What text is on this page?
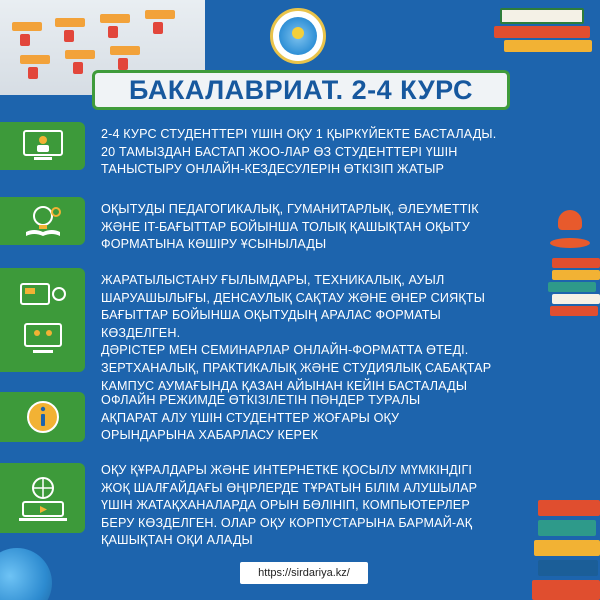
БАКАЛАВРИАТ. 2-4 КУРС
2-4 КУРС СТУДЕНТТЕРІ ҮШІН ОҚУ 1 ҚЫРКҮЙЕКТЕ БАСТАЛАДЫ.
20 ТАМЫЗДАН БАСТАП ЖОО-ЛАР ӨЗ СТУДЕНТТЕРІ ҮШІН
ТАНЫСТЫРУ ОНЛАЙН-КЕЗДЕСУЛЕРІН ӨТКІЗІП ЖАТЫР
ОҚЫТУДЫ ПЕДАГОГИКАЛЫҚ, ГУМАНИТАРЛЫҚ, ӘЛЕУМЕТТІК
ЖӘНЕ IT-БАҒЫТТАР БОЙЫНША ТОЛЫҚ ҚАШЫҚТАН ОҚЫТУ
ФОРМАТЫНА КӨШІРУ ҰСЫНЫЛАДЫ
ЖАРАТЫЛЫСТАНУ ҒЫЛЫМДАРЫ, ТЕХНИКАЛЫҚ, АУЫЛ
ШАРУАШЫЛЫҒЫ, ДЕНСАУЛЫҚ САҚТАУ ЖӘНЕ ӨНЕР СИЯҚТЫ
БАҒЫТТАР БОЙЫНША ОҚЫТУДЫҢ АРАЛАС ФОРМАТЫ КӨЗДЕЛГЕН.
ДӘРІСТЕР МЕН СЕМИНАРЛАР ОНЛАЙН-ФОРМАТТА ӨТЕДІ.
ЗЕРТХАНАЛЫҚ, ПРАКТИКАЛЫҚ ЖӘНЕ СТУДИЯЛЫҚ САБАҚТАР
КАМПУС АУМАҒЫНДА ҚАЗАН АЙЫНАН КЕЙІН БАСТАЛАДЫ
ОФЛАЙН РЕЖИМДЕ ӨТКІЗІЛЕТІН ПӘНДЕР ТУРАЛЫ
АҚПАРАТ АЛУ ҮШІН СТУДЕНТТЕР ЖОҒАРЫ ОҚУ
ОРЫНДАРЫНА ХАБАРЛАСУ КЕРЕК
ОҚУ ҚҰРАЛДАРЫ ЖӘНЕ ИНТЕРНЕТКЕ ҚОСЫЛУ МҮМКІНДІГІ
ЖОҚ ШАЛҒАЙДАҒЫ ӨҢІРЛЕРДЕ ТҰРАТЫН БІЛІМ АЛУШЫЛАР
ҮШІН ЖАТАҚХАНАЛАРДА ОРЫН БӨЛІНІП, КОМПЬЮТЕРЛЕР
БЕРУ КӨЗДЕЛГЕН. ОЛАР ОҚУ КОРПУСТАРЫНА БАРМАЙ-АҚ
ҚАШЫҚТАН ОҚИ АЛАДЫ
https://sirdariya.kz/
